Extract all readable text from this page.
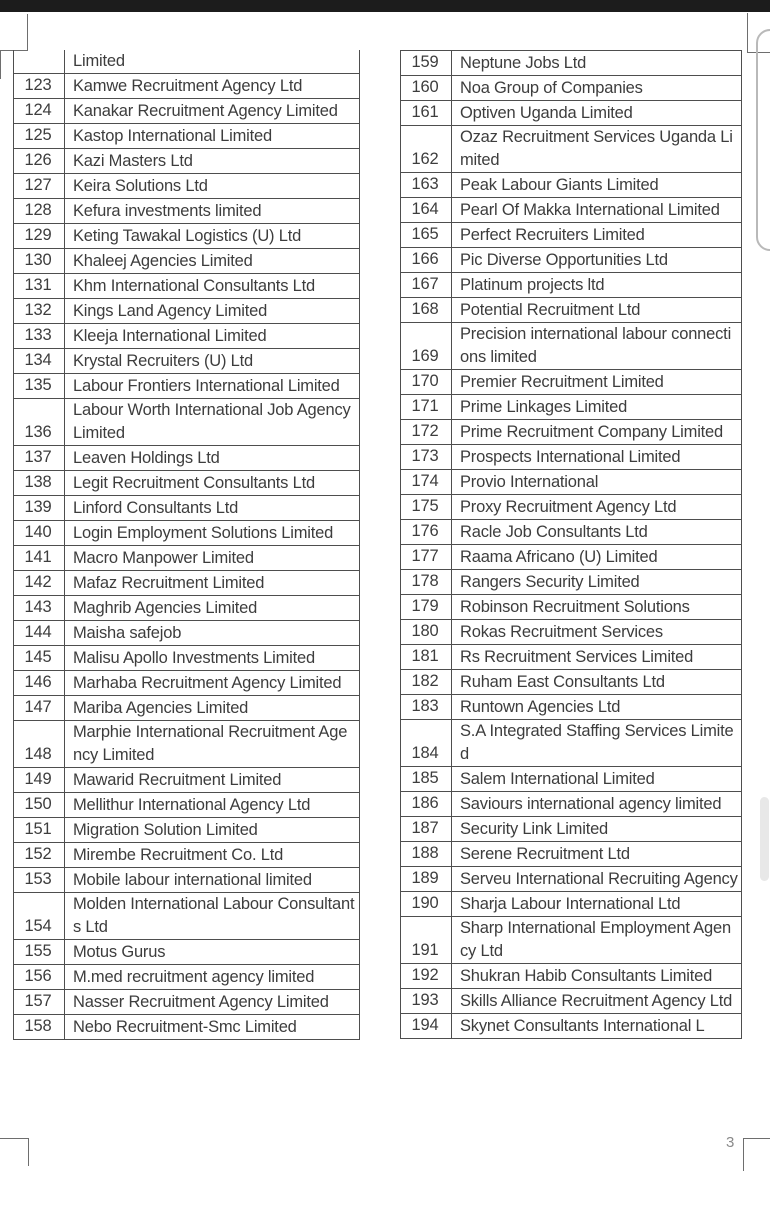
	Limited
123	Kamwe Recruitment Agency Ltd
124	Kanakar Recruitment Agency Limited
125	Kastop International Limited
126	Kazi Masters Ltd
127	Keira Solutions Ltd
128	Kefura investments limited
129	Keting Tawakal Logistics (U) Ltd
130	Khaleej Agencies Limited
131	Khm International Consultants Ltd
132	Kings Land Agency Limited
133	Kleeja International Limited
134	Krystal Recruiters (U) Ltd
135	Labour Frontiers International Limited
136	Labour Worth International Job Agency Limited
137	Leaven Holdings Ltd
138	Legit Recruitment Consultants Ltd
139	Linford Consultants Ltd
140	Login Employment Solutions Limited
141	Macro Manpower Limited
142	Mafaz Recruitment Limited
143	Maghrib Agencies Limited
144	Maisha safejob
145	Malisu Apollo Investments Limited
146	Marhaba Recruitment Agency Limited
147	Mariba Agencies Limited
148	Marphie International Recruitment Agency Limited
149	Mawarid Recruitment Limited
150	Mellithur International Agency Ltd
151	Migration Solution Limited
152	Mirembe Recruitment Co. Ltd
153	Mobile labour international limited
154	Molden International Labour Consultants Ltd
155	Motus Gurus
156	M.med recruitment agency limited
157	Nasser Recruitment Agency Limited
158	Nebo Recruitment-Smc Limited
159	Neptune Jobs Ltd
160	Noa Group of Companies
161	Optiven Uganda Limited
162	Ozaz Recruitment Services Uganda Limited
163	Peak Labour Giants Limited
164	Pearl Of Makka International Limited
165	Perfect Recruiters Limited
166	Pic Diverse Opportunities Ltd
167	Platinum projects ltd
168	Potential Recruitment Ltd
169	Precision international labour connections limited
170	Premier Recruitment Limited
171	Prime Linkages Limited
172	Prime Recruitment Company Limited
173	Prospects International Limited
174	Provio International
175	Proxy Recruitment Agency Ltd
176	Racle Job Consultants Ltd
177	Raama Africano (U) Limited
178	Rangers Security Limited
179	Robinson Recruitment Solutions
180	Rokas Recruitment Services
181	Rs Recruitment Services Limited
182	Ruham East Consultants Ltd
183	Runtown Agencies Ltd
184	S.A Integrated Staffing Services Limited
185	Salem International Limited
186	Saviours international agency limited
187	Security Link Limited
188	Serene Recruitment Ltd
189	Serveu International Recruiting Agency
190	Sharja Labour International Ltd
191	Sharp International Employment Agency Ltd
192	Shukran Habib Consultants Limited
193	Skills Alliance Recruitment Agency Ltd
194	Skynet Consultants International L
3
